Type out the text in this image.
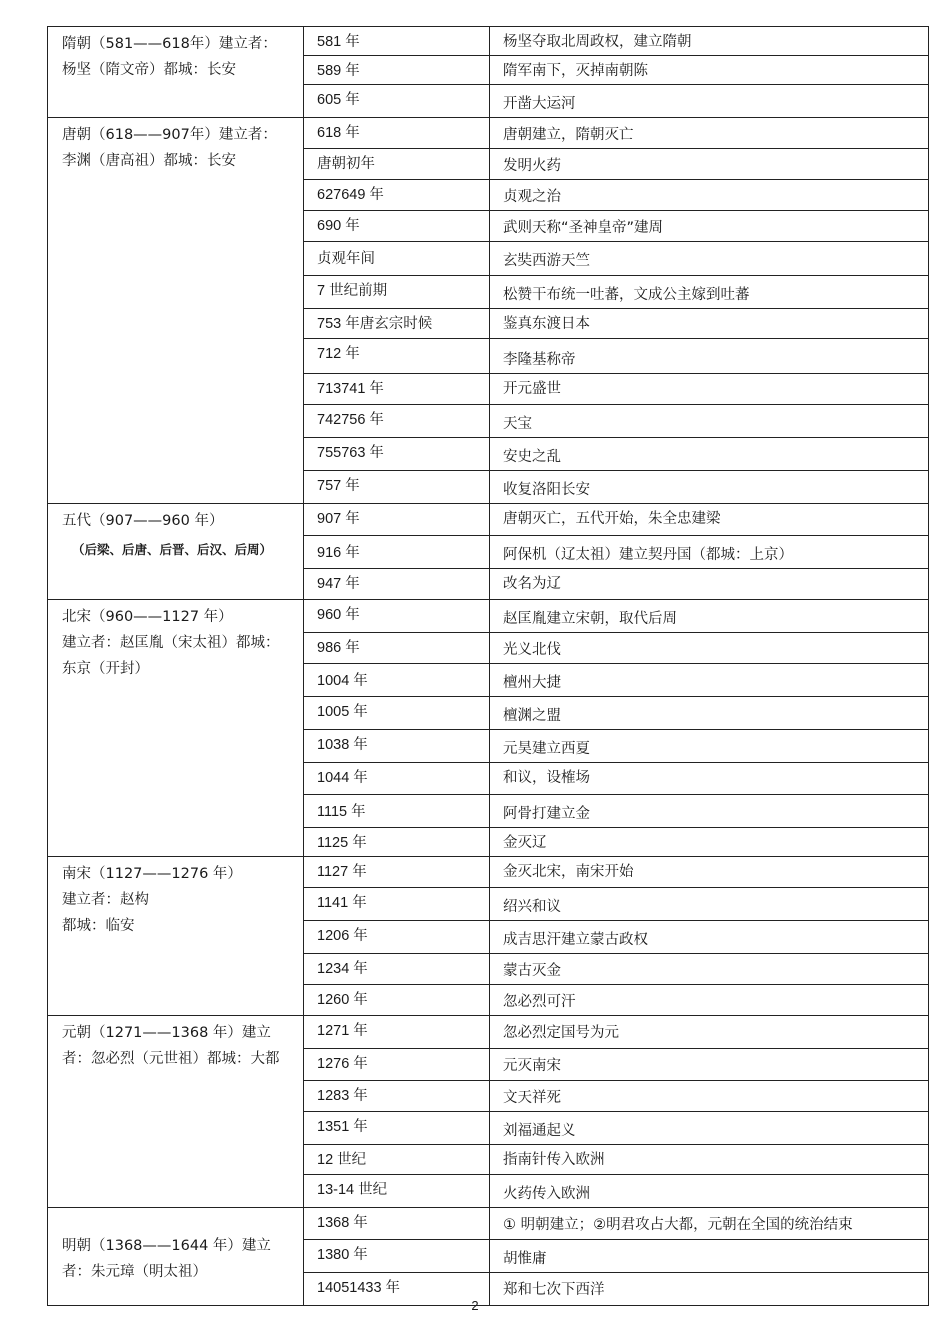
隋朝（581——618年）建立者：杨坚（隋文帝）都城：长安	581 年	杨坚夺取北周政权，建立隋朝
	589 年	隋军南下，灭掉南朝陈
	605 年	开凿大运河

唐朝（618——907年）建立者：李渊（唐高祖）都城：长安	618 年	唐朝建立，隋朝灭亡
	唐朝初年	发明火药
	627649 年	贞观之治
	690 年	武则天称“圣神皇帝”建周
	贞观年间	玄奘西游天竺
	7 世纪前期	松赞干布统一吐蕃，文成公主嫁到吐蕃
	753 年唐玄宗时候	鉴真东渡日本
	712 年	李隆基称帝
	713741 年	开元盛世
	742756 年	天宝
	755763 年	安史之乱
	757 年	收复洛阳长安

五代（907——960 年）
（后梁、后唐、后晋、后汉、后周）	907 年	唐朝灭亡，五代开始，朱全忠建梁
	916 年	阿保机（辽太祖）建立契丹国（都城：上京）
	947 年	改名为辽

北宋（960——1127 年）
建立者：赵匡胤（宋太祖）都城：东京（开封）	960 年	赵匡胤建立宋朝，取代后周
	986 年	光义北伐
	1004 年	檀州大捷
	1005 年	檀渊之盟
	1038 年	元昊建立西夏
	1044 年	和议，设榷场
	1115 年	阿骨打建立金
	1125 年	金灭辽

南宋（1127——1276 年）
建立者：赵构
都城：临安	1127 年	金灭北宋，南宋开始
	1141 年	绍兴和议
	1206 年	成吉思汗建立蒙古政权
	1234 年	蒙古灭金
	1260 年	忽必烈可汗

元朝（1271——1368 年）建立者：忽必烈（元世祖）都城：大都	1271 年	忽必烈定国号为元
	1276 年	元灭南宋
	1283 年	文天祥死
	1351 年	刘福通起义
	12 世纪	指南针传入欧洲
	13-14 世纪	火药传入欧洲

明朝（1368——1644 年）建立者：朱元璋（明太祖）	1368 年	① 明朝建立；②明君攻占大都，元朝在全国的统治结束
	1380 年	胡惟庸
	14051433 年	郑和七次下西洋
2
